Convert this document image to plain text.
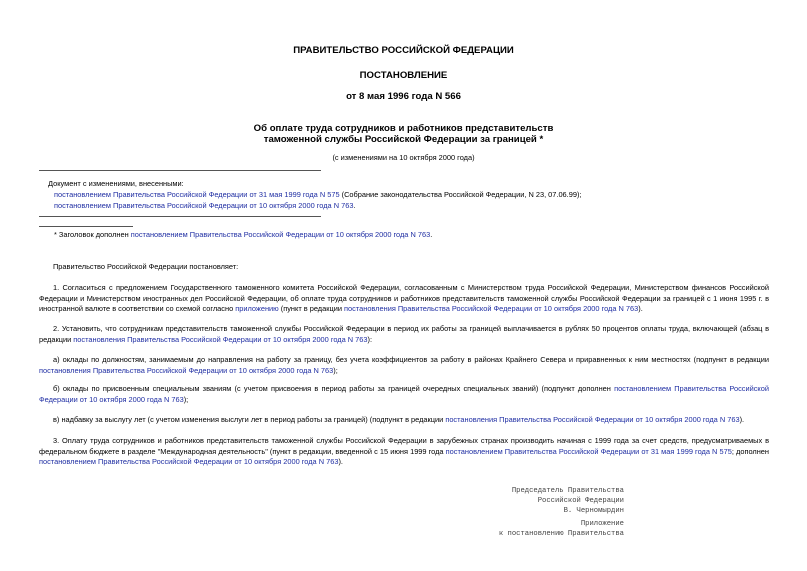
ПРАВИТЕЛЬСТВО РОССИЙСКОЙ ФЕДЕРАЦИИ
ПОСТАНОВЛЕНИЕ
от 8 мая 1996 года N 566
Об оплате труда сотрудников и работников представительств
таможенной службы Российской Федерации за границей *
(с изменениями на 10 октября 2000 года)
Документ с изменениями, внесенными:
постановлением Правительства Российской Федерации от 31 мая 1999 года N 575 (Собрание законодательства Российской Федерации, N 23, 07.06.99);
постановлением Правительства Российской Федерации от 10 октября 2000 года N 763.
* Заголовок дополнен постановлением Правительства Российской Федерации от 10 октября 2000 года N 763.
Правительство Российской Федерации постановляет:
1. Согласиться с предложением Государственного таможенного комитета Российской Федерации, согласованным с Министерством труда Российской Федерации, Министерством финансов Российской Федерации и Министерством иностранных дел Российской Федерации, об оплате труда сотрудников и работников представительств таможенной службы Российской Федерации за границей с 1 июня 1995 г. в иностранной валюте в соответствии со схемой согласно приложению (пункт в редакции постановления Правительства Российской Федерации от 10 октября 2000 года N 763).
2. Установить, что сотрудникам представительств таможенной службы Российской Федерации в период их работы за границей выплачивается в рублях 50 процентов оплаты труда, включающей (абзац в редакции постановления Правительства Российской Федерации от 10 октября 2000 года N 763):
а) оклады по должностям, занимаемым до направления на работу за границу, без учета коэффициентов за работу в районах Крайнего Севера и приравненных к ним местностях (подпункт в редакции постановления Правительства Российской Федерации от 10 октября 2000 года N 763);
б) оклады по присвоенным специальным званиям (с учетом присвоения в период работы за границей очередных специальных званий) (подпункт дополнен постановлением Правительства Российской Федерации от 10 октября 2000 года N 763);
в) надбавку за выслугу лет (с учетом изменения выслуги лет в период работы за границей) (подпункт в редакции постановления Правительства Российской Федерации от 10 октября 2000 года N 763).
3. Оплату труда сотрудников и работников представительств таможенной службы Российской Федерации в зарубежных странах производить начиная с 1999 года за счет средств, предусматриваемых в федеральном бюджете в разделе "Международная деятельность" (пункт в редакции, введенной с 15 июня 1999 года постановлением Правительства Российской Федерации от 31 мая 1999 года N 575; дополнен постановлением Правительства Российской Федерации от 10 октября 2000 года N 763).
Председатель Правительства
Российской Федерации
В. Черномырдин
Приложение
к постановлению Правительства
